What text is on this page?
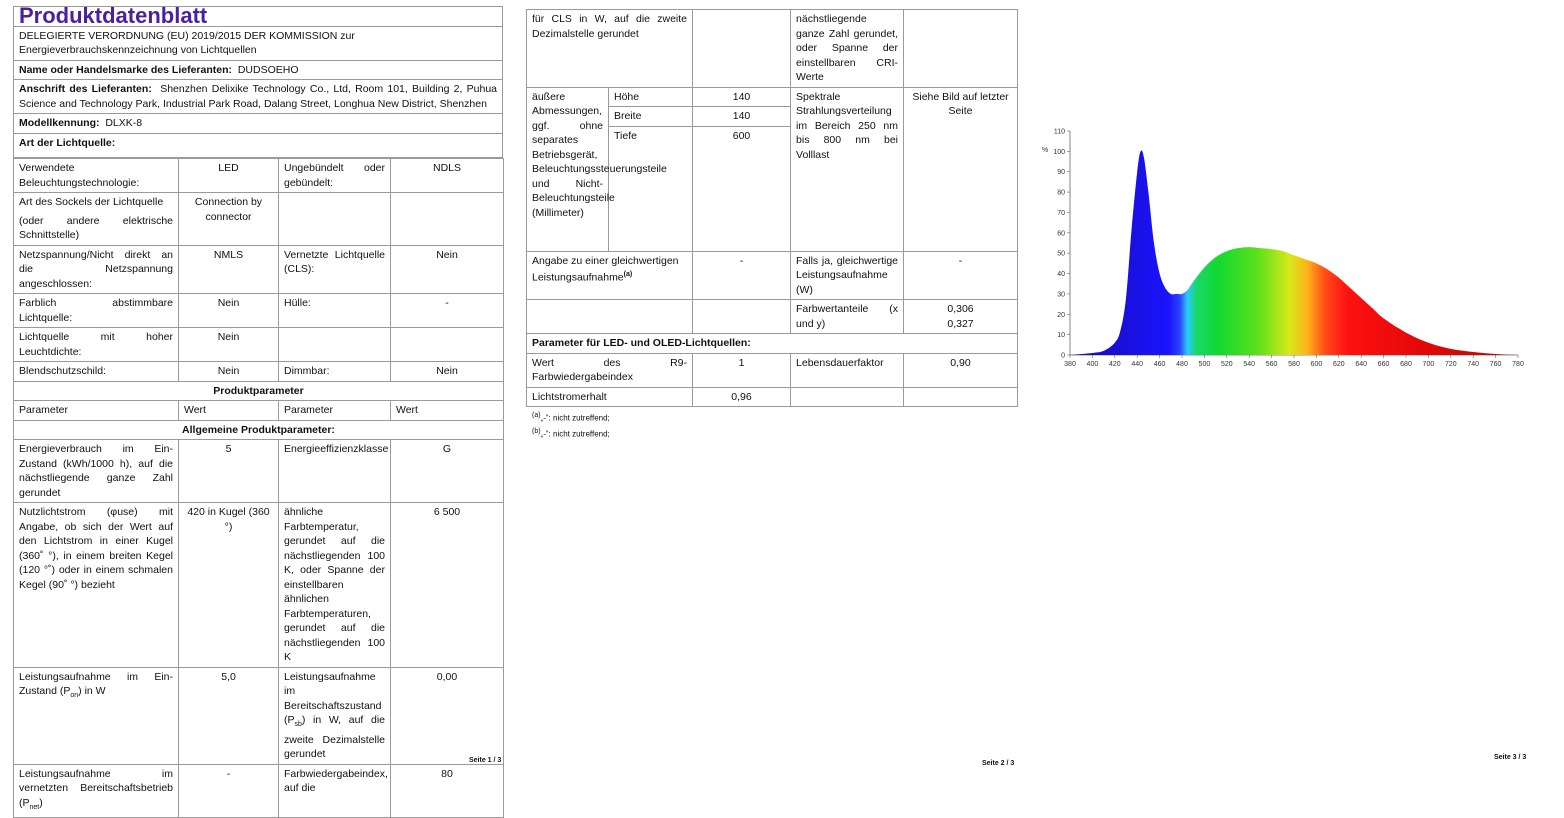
Produktdatenblatt
DELEGIERTE VERORDNUNG (EU) 2019/2015 DER KOMMISSION zur Energieverbrauchskennzeichnung von Lichtquellen
Name oder Handelsmarke des Lieferanten: DUDSOEHO
Anschrift des Lieferanten: Shenzhen Delixike Technology Co., Ltd, Room 101, Building 2, Puhua Science and Technology Park, Industrial Park Road, Dalang Street, Longhua New District, Shenzhen
Modellkennung: DLXK-8
Art der Lichtquelle:
Verwendete Beleuchtungstechnologie:	LED	Ungebündelt oder gebündelt:	NDLS

Art des Sockels der Lichtquelle
(oder andere elektrische Schnittstelle)	Connection by connector		
Netzspannung/Nicht direkt an die Netzspannung angeschlossen:	NMLS	Vernetzte Lichtquelle (CLS):	Nein
Farblich abstimmbare Lichtquelle:	Nein	Hülle:	-
Lichtquelle mit hoher Leuchtdichte:	Nein		
Blendschutzschild:	Nein	Dimmbar:	Nein
Produktparameter			
Parameter	Wert	Parameter	Wert
Allgemeine Produktparameter:			
Energieverbrauch im Ein-Zustand (kWh/1000 h), auf die nächstliegende ganze Zahl gerundet	5	Energieeffizienzklasse	G
Nutzlichtstrom (φuse) mit Angabe, ob sich der Wert auf den Lichtstrom in einer Kugel (360˚ °), in einem breiten Kegel (120 °˚) oder in einem schmalen Kegel (90˚ °) bezieht	420 in Kugel (360 °)	ähnliche Farbtemperatur, gerundet auf die nächstliegenden 100 K, oder Spanne der einstellbaren ähnlichen Farbtemperaturen, gerundet auf die nächstliegenden 100 K	6 500
Leistungsaufnahme im Ein-Zustand $(P_{on})$ in W	5,0	Leistungsaufnahme im Bereitschaftszustand $(P_{sb})$ in W, auf die zweite Dezimalstelle gerundet	0,00
Leistungsaufnahme im vernetzten Bereitschaftsbetrieb $(P_{net})$	-	Farbwiedergabeindex, auf die	80
Seite 1 / 3
für CLS in W, auf die zweite Dezimalstelle gerundet			nächstliegende ganze Zahl gerundet, oder Spanne der einstellbaren CRI-Werte	
äußere Abmessungen, ggf. ohne separates Betriebsgerät, Beleuchtungssteuerungsteile und Nicht-Beleuchtungsteile (Millimeter)	Höhe	140	Spektrale Strahlungsverteilung im Bereich 250 nm bis 800 nm bei Volllast	Siehe Bild auf letzter Seite
	Breite	140		
	Tiefe	600		
Angabe zu einer gleichwertigen Leistungsaufnahme$^{(a)}$		-	Falls ja, gleichwertige Leistungsaufnahme (W)	-
			Farbwertanteile (x und y)	0,306
0,327

Parameter für LED- und OLED-Lichtquellen:				
Wert des R9-Farbwiedergabeindex		1	Lebensdauerfaktor	0,90
Lichtstromerhalt		0,96		
$^{(a)}$„-“: nicht zutreffend;
$^{(b)}$„-“: nicht zutreffend;
Seite 2 / 3
0
10
20
30
40
50
60
70
80
90
100
110
380 400 420 440 460 480 500 520 540 560 580 600 620 640 660 680 700 720 740 760 780
%
Seite 3 / 3
